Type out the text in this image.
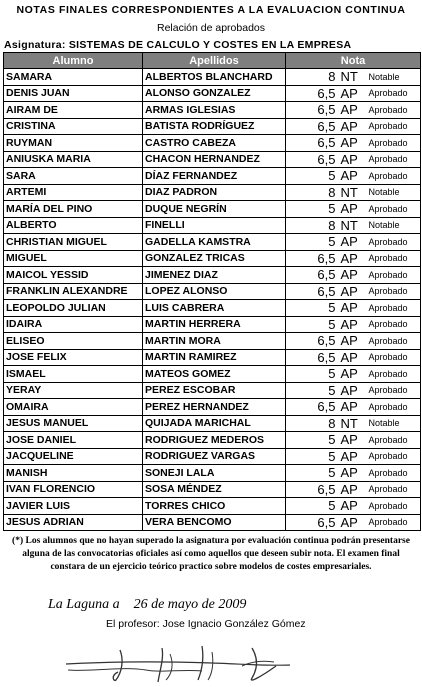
NOTAS FINALES CORRESPONDIENTES A LA EVALUACION CONTINUA
Relación de aprobados
Asignatura: SISTEMAS DE CALCULO Y COSTES EN LA EMPRESA
Alumno	Apellidos	Nota	
SAMARA	ALBERTOS BLANCHARD	8 NT	Notable
DENIS JUAN	ALONSO GONZALEZ	6,5 AP	Aprobado
AIRAM DE	ARMAS IGLESIAS	6,5 AP	Aprobado
CRISTINA	BATISTA RODRÍGUEZ	6,5 AP	Aprobado
RUYMAN	CASTRO CABEZA	6,5 AP	Aprobado
ANIUSKA MARIA	CHACON HERNANDEZ	6,5 AP	Aprobado
SARA	DÍAZ FERNANDEZ	5 AP	Aprobado
ARTEMI	DIAZ PADRON	8 NT	Notable
MARÍA DEL PINO	DUQUE NEGRÍN	5 AP	Aprobado
ALBERTO	FINELLI	8 NT	Notable
CHRISTIAN MIGUEL	GADELLA KAMSTRA	5 AP	Aprobado
MIGUEL	GONZALEZ TRICAS	6,5 AP	Aprobado
MAICOL YESSID	JIMENEZ DIAZ	6,5 AP	Aprobado
FRANKLIN ALEXANDRE	LOPEZ ALONSO	6,5 AP	Aprobado
LEOPOLDO JULIAN	LUIS CABRERA	5 AP	Aprobado
IDAIRA	MARTIN HERRERA	5 AP	Aprobado
ELISEO	MARTIN MORA	6,5 AP	Aprobado
JOSE FELIX	MARTIN RAMIREZ	6,5 AP	Aprobado
ISMAEL	MATEOS GOMEZ	5 AP	Aprobado
YERAY	PEREZ ESCOBAR	5 AP	Aprobado
OMAIRA	PEREZ HERNANDEZ	6,5 AP	Aprobado
JESUS MANUEL	QUIJADA MARICHAL	8 NT	Notable
JOSE DANIEL	RODRIGUEZ MEDEROS	5 AP	Aprobado
JACQUELINE	RODRIGUEZ VARGAS	5 AP	Aprobado
MANISH	SONEJI LALA	5 AP	Aprobado
IVAN FLORENCIO	SOSA MÉNDEZ	6,5 AP	Aprobado
JAVIER LUIS	TORRES CHICO	5 AP	Aprobado
JESUS ADRIAN	VERA BENCOMO	6,5 AP	Aprobado
(*) Los alumnos que no hayan superado la asignatura por evaluación continua podrán presentarse alguna de las convocatorias oficiales así como aquellos que deseen subir nota. El examen final constara de un ejercicio teórico practico sobre modelos de costes empresariales.
La Laguna a 26 de mayo de 2009
El profesor: Jose Ignacio González Gómez
